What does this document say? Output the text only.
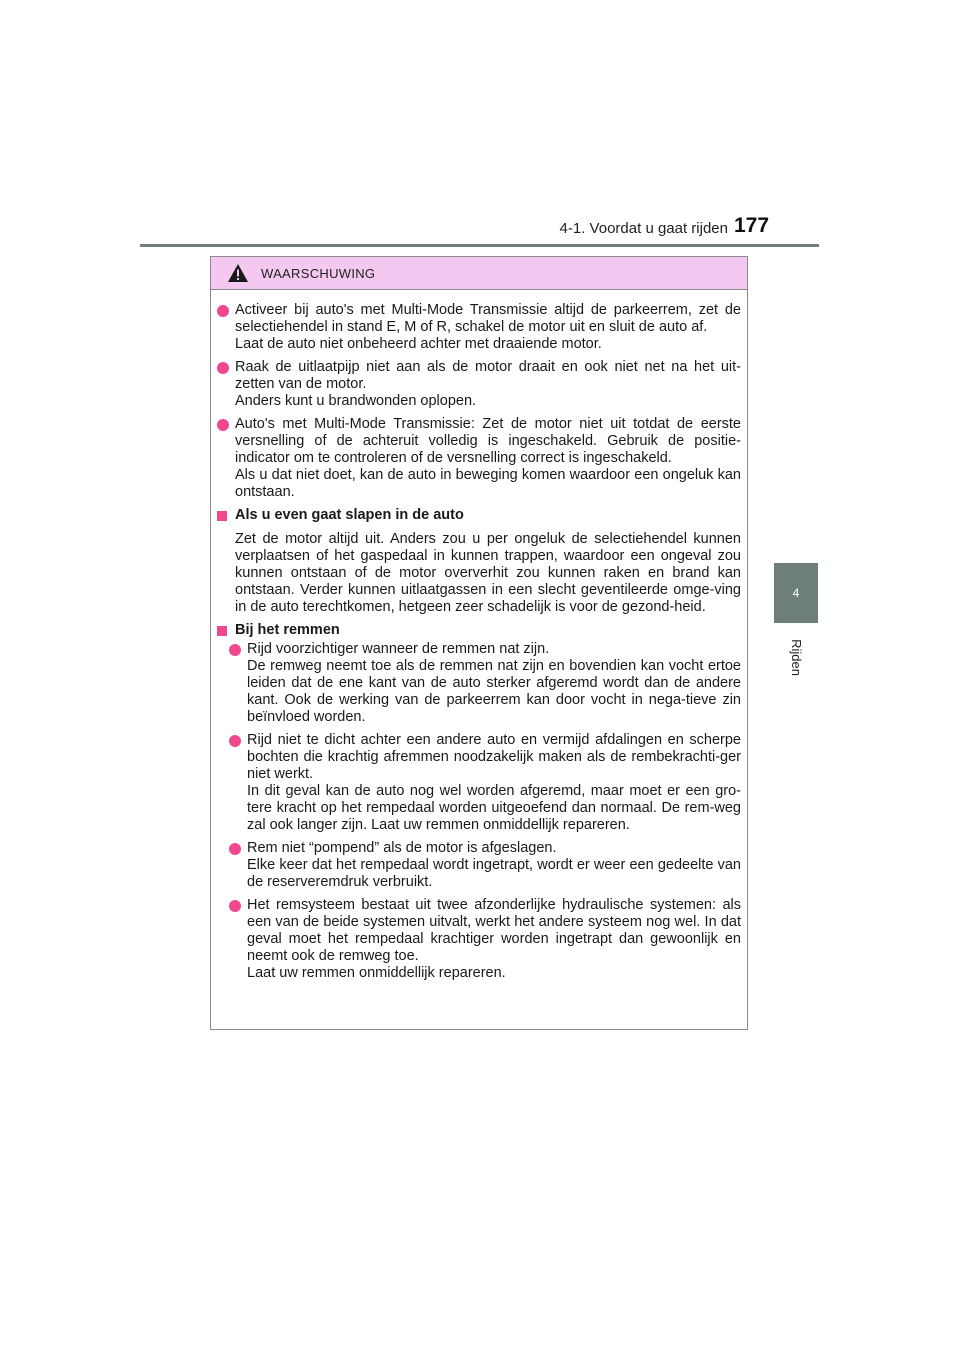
4-1. Voordat u gaat rijden 177
4
Rijden
WAARSCHUWING

Activeer bij auto's met Multi-Mode Transmissie altijd de parkeerrem, zet de selectiehendel in stand E, M of R, schakel de motor uit en sluit de auto af.

Laat de auto niet onbeheerd achter met draaiende motor.

Raak de uitlaatpijp niet aan als de motor draait en ook niet net na het uit-zetten van de motor.

Anders kunt u brandwonden oplopen.

Auto's met Multi-Mode Transmissie: Zet de motor niet uit totdat de eerste versnelling of de achteruit volledig is ingeschakeld. Gebruik de positie-indicator om te controleren of de versnelling correct is ingeschakeld.

Als u dat niet doet, kan de auto in beweging komen waardoor een ongeluk kan ontstaan.

Als u even gaat slapen in de auto

Zet de motor altijd uit. Anders zou u per ongeluk de selectiehendel kunnen verplaatsen of het gaspedaal in kunnen trappen, waardoor een ongeval zou kunnen ontstaan of de motor oververhit zou kunnen raken en brand kan ontstaan. Verder kunnen uitlaatgassen in een slecht geventileerde omge-ving in de auto terechtkomen, hetgeen zeer schadelijk is voor de gezond-heid.

Bij het remmen

Rijd voorzichtiger wanneer de remmen nat zijn.

De remweg neemt toe als de remmen nat zijn en bovendien kan vocht ertoe leiden dat de ene kant van de auto sterker afgeremd wordt dan de andere kant. Ook de werking van de parkeerrem kan door vocht in nega-tieve zin beïnvloed worden.

Rijd niet te dicht achter een andere auto en vermijd afdalingen en scherpe bochten die krachtig afremmen noodzakelijk maken als de rembekrachti-ger niet werkt.

In dit geval kan de auto nog wel worden afgeremd, maar moet er een gro-tere kracht op het rempedaal worden uitgeoefend dan normaal. De rem-weg zal ook langer zijn. Laat uw remmen onmiddellijk repareren.

Rem niet “pompend” als de motor is afgeslagen.

Elke keer dat het rempedaal wordt ingetrapt, wordt er weer een gedeelte van de reserveremdruk verbruikt.

Het remsysteem bestaat uit twee afzonderlijke hydraulische systemen: als een van de beide systemen uitvalt, werkt het andere systeem nog wel. In dat geval moet het rempedaal krachtiger worden ingetrapt dan gewoonlijk en neemt ook de remweg toe.

Laat uw remmen onmiddellijk repareren.
